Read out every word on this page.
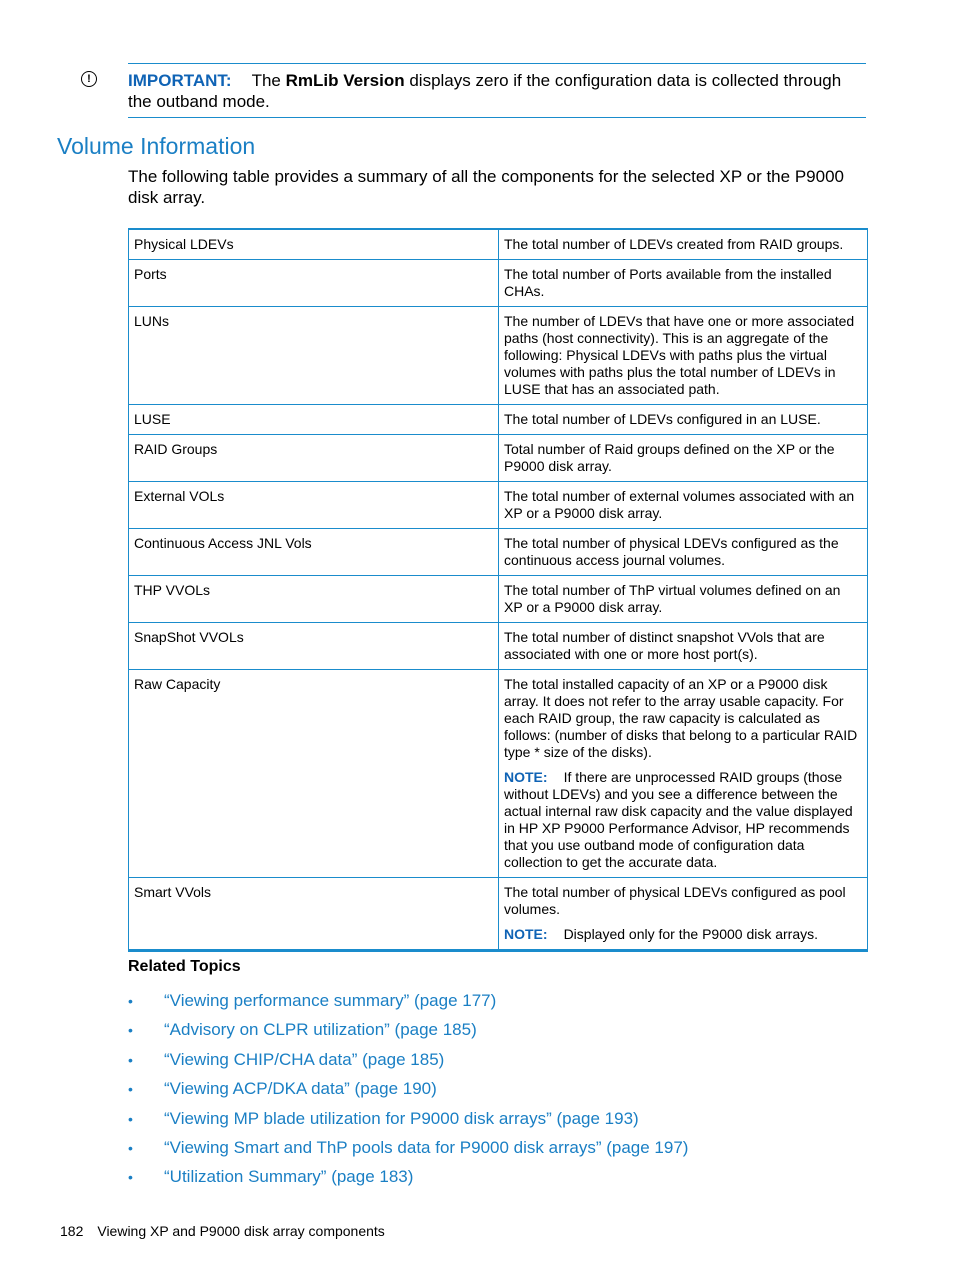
!	IMPORTANT: The RmLib Version displays zero if the configuration data is collected through the outband mode.
Volume Information

The following table provides a summary of all the components for the selected XP or the P9000 disk array.

Physical LDEVs	The total number of LDEVs created from RAID groups.

Ports	The total number of Ports available from the installed CHAs.

LUNs	The number of LDEVs that have one or more associated paths (host connectivity). This is an aggregate of the following: Physical LDEVs with paths plus the virtual volumes with paths plus the total number of LDEVs in LUSE that has an associated path.

LUSE	The total number of LDEVs configured in an LUSE.

RAID Groups	Total number of Raid groups defined on the XP or the P9000 disk array.

External VOLs	The total number of external volumes associated with an XP or a P9000 disk array.

Continuous Access JNL Vols	The total number of physical LDEVs configured as the continuous access journal volumes.

THP VVOLs	The total number of ThP virtual volumes defined on an XP or a P9000 disk array.

SnapShot VVOLs	The total number of distinct snapshot VVols that are associated with one or more host port(s).

Raw Capacity	The total installed capacity of an XP or a P9000 disk array. It does not refer to the array usable capacity. For each RAID group, the raw capacity is calculated as follows: (number of disks that belong to a particular RAID type * size of the disks).
NOTE: If there are unprocessed RAID groups (those without LDEVs) and you see a difference between the actual internal raw disk capacity and the value displayed in HP XP P9000 Performance Advisor, HP recommends that you use outband mode of configuration data collection to get the accurate data.

Smart VVols	The total number of physical LDEVs configured as pool volumes.
NOTE: Displayed only for the P9000 disk arrays.
Related Topics
• “Viewing performance summary” (page 177)
• “Advisory on CLPR utilization” (page 185)
• “Viewing CHIP/CHA data” (page 185)
• “Viewing ACP/DKA data” (page 190)
• “Viewing MP blade utilization for P9000 disk arrays” (page 193)
• “Viewing Smart and ThP pools data for P9000 disk arrays” (page 197)
• “Utilization Summary” (page 183)
182 Viewing XP and P9000 disk array components
